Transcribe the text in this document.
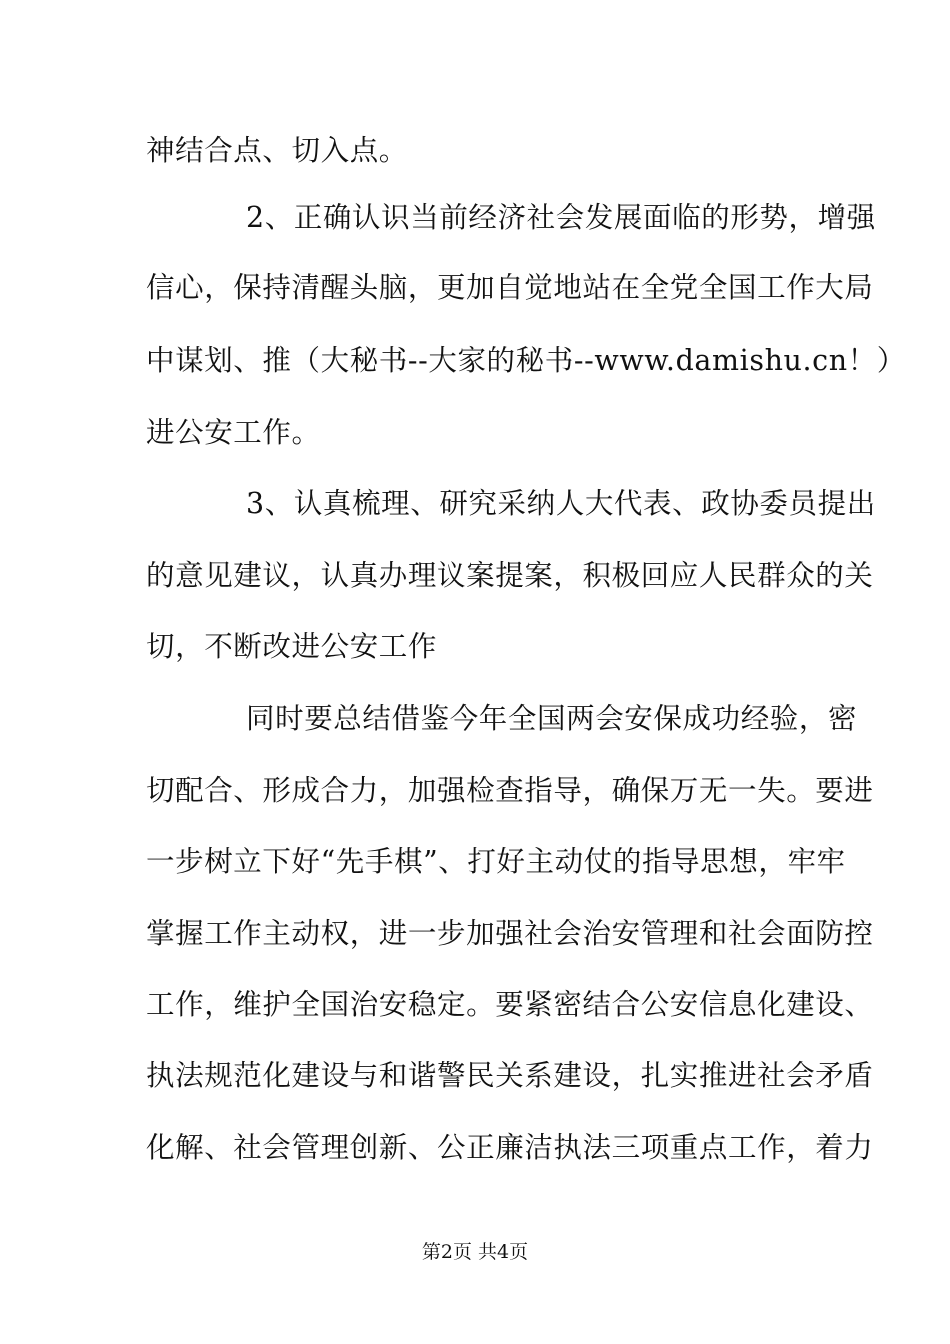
神结合点、切入点。
2、正确认识当前经济社会发展面临的形势，增强
信心，保持清醒头脑，更加自觉地站在全党全国工作大局
中谋划、推（大秘书--大家的秘书--www.damishu.cn！）
进公安工作。
3、认真梳理、研究采纳人大代表、政协委员提出
的意见建议，认真办理议案提案，积极回应人民群众的关
切，不断改进公安工作
同时要总结借鉴今年全国两会安保成功经验，密
切配合、形成合力，加强检查指导，确保万无一失。要进
一步树立下好“先手棋”、打好主动仗的指导思想，牢牢
掌握工作主动权，进一步加强社会治安管理和社会面防控
工作，维护全国治安稳定。要紧密结合公安信息化建设、
执法规范化建设与和谐警民关系建设，扎实推进社会矛盾
化解、社会管理创新、公正廉洁执法三项重点工作，着力
第2页 共4页
